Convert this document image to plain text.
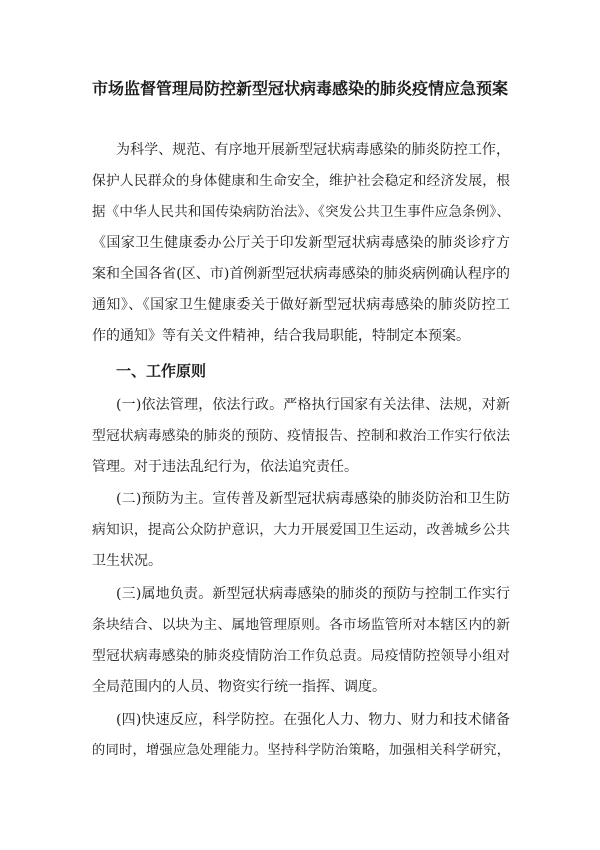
市场监督管理局防控新型冠状病毒感染的肺炎疫情应急预案
为科学、规范、有序地开展新型冠状病毒感染的肺炎防控工作，
保护人民群众的身体健康和生命安全，维护社会稳定和经济发展，根
据《中华人民共和国传染病防治法》、《突发公共卫生事件应急条例》、
《国家卫生健康委办公厅关于印发新型冠状病毒感染的肺炎诊疗方
案和全国各省(区、市)首例新型冠状病毒感染的肺炎病例确认程序的
通知》、《国家卫生健康委关于做好新型冠状病毒感染的肺炎防控工
作的通知》等有关文件精神，结合我局职能，特制定本预案。
一、工作原则
(一)依法管理，依法行政。严格执行国家有关法律、法规，对新
型冠状病毒感染的肺炎的预防、疫情报告、控制和救治工作实行依法
管理。对于违法乱纪行为，依法追究责任。
(二)预防为主。宣传普及新型冠状病毒感染的肺炎防治和卫生防
病知识，提高公众防护意识，大力开展爱国卫生运动，改善城乡公共
卫生状况。
(三)属地负责。新型冠状病毒感染的肺炎的预防与控制工作实行
条块结合、以块为主、属地管理原则。各市场监管所对本辖区内的新
型冠状病毒感染的肺炎疫情防治工作负总责。局疫情防控领导小组对
全局范围内的人员、物资实行统一指挥、调度。
(四)快速反应，科学防控。在强化人力、物力、财力和技术储备
的同时，增强应急处理能力。坚持科学防治策略，加强相关科学研究，
